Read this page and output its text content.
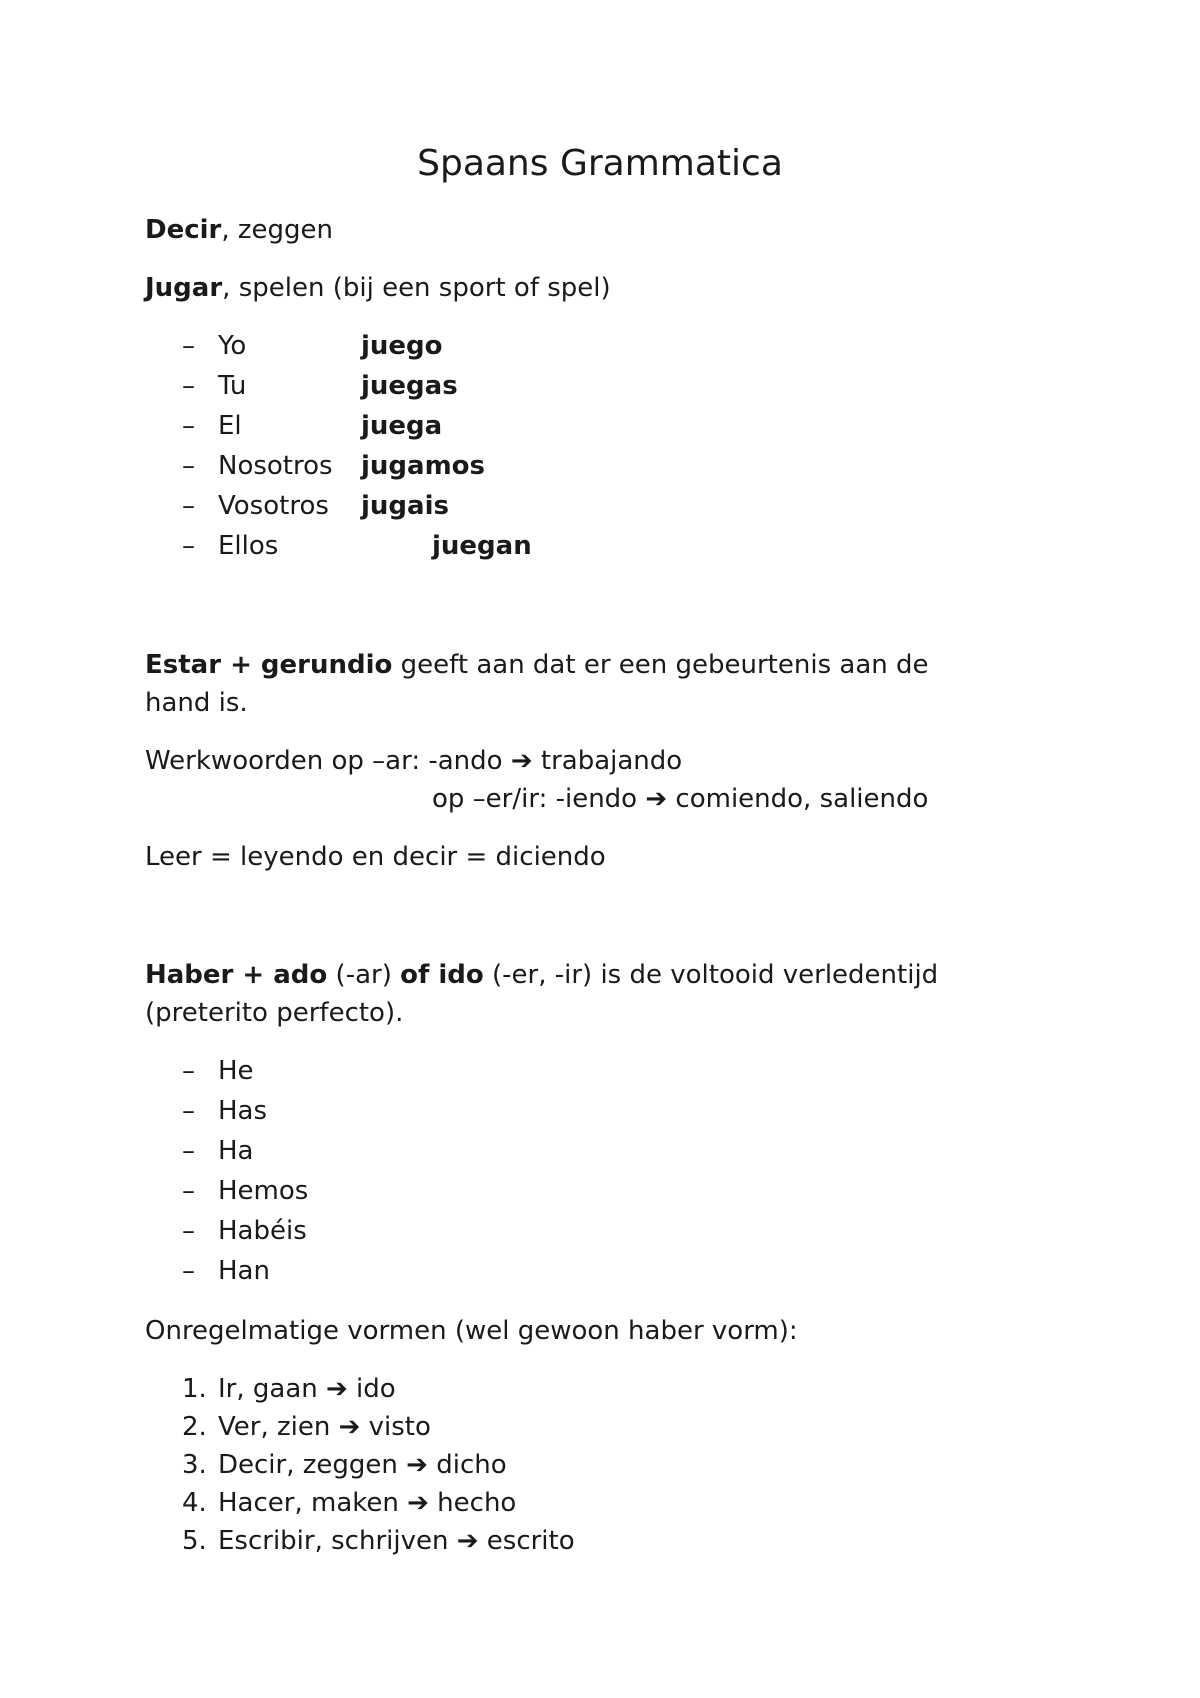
Spaans Grammatica
Decir, zeggen
Jugar, spelen (bij een sport of spel)
– Yo	juego
– Tu	juegas
– El	juega
– Nosotros jugamos
– Vosotros jugais
– Ellos	juegan
Estar + gerundio geeft aan dat er een gebeurtenis aan de
hand is.
Werkwoorden op –ar: -ando ➔ trabajando
op –er/ir: -iendo ➔ comiendo, saliendo
Leer = leyendo en decir = diciendo
Haber + ado (-ar) of ido (-er, -ir) is de voltooid verledentijd
(preterito perfecto).
– He
– Has
– Ha
– Hemos
– Habéis
– Han
Onregelmatige vormen (wel gewoon haber vorm):
1. Ir, gaan ➔ ido
2. Ver, zien ➔ visto
3. Decir, zeggen ➔ dicho
4. Hacer, maken ➔ hecho
5. Escribir, schrijven ➔ escrito
